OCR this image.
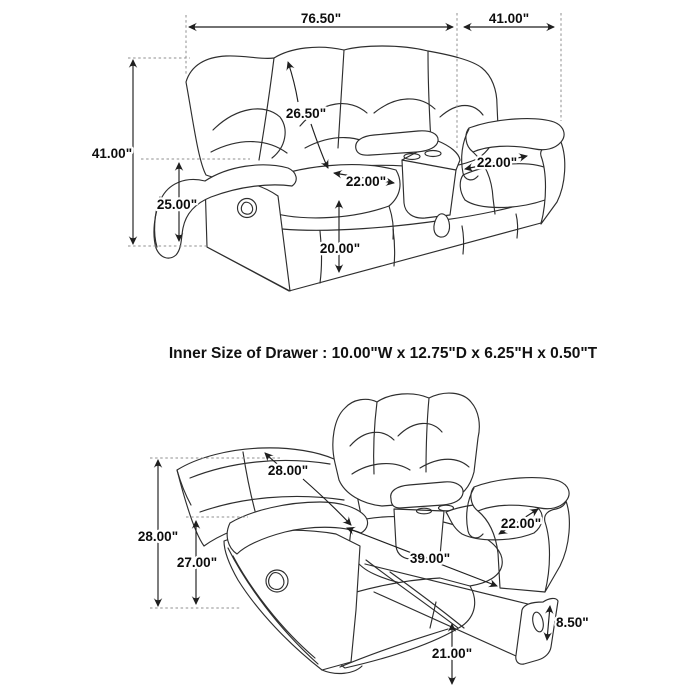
76.50"	41.00"
41.00"
25.00"
26.50"
22.00"
22.00"
20.00"
Inner Size of Drawer : 10.00"W x 12.75"D x 6.25"H x 0.50"T
28.00"
27.00"
28.00"
22.00"
39.00"
8.50"
21.00"
